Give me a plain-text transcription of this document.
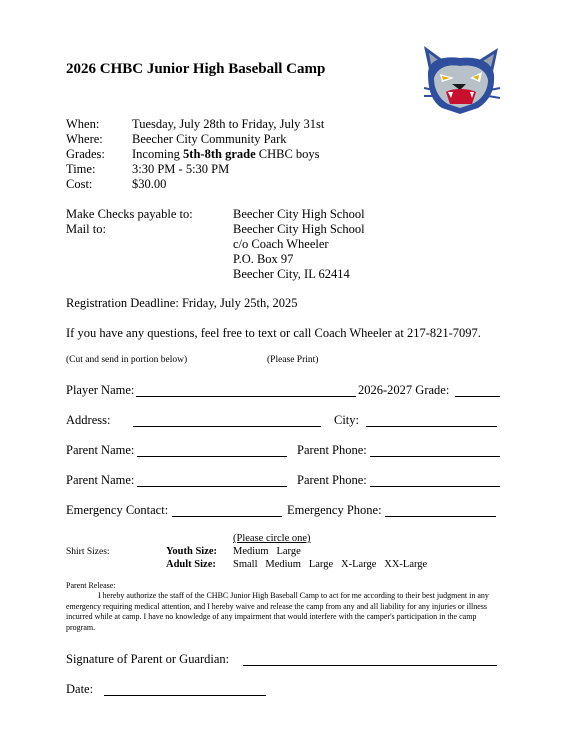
2026 CHBC Junior High Baseball Camp
When:	Tuesday, July 28th to Friday, July 31st
Where: Beecher City Community Park
Grades: Incoming 5th-8th grade CHBC boys
Time:	3:30 PM - 5:30 PM
Cost:	$30.00
Make Checks payable to:	Beecher City High School
Mail to:	Beecher City High School
c/o Coach Wheeler
P.O. Box 97
Beecher City, IL 62414
Registration Deadline: Friday, July 25th, 2025
If you have any questions, feel free to text or call Coach Wheeler at 217-821-7097.
(Cut and send in portion below)	(Please Print)
Player Name:	2026-2027 Grade:
Address:	City:
Parent Name:	Parent Phone:
Parent Name:	Parent Phone:
Emergency Contact:	Emergency Phone:
(Please circle one)
Shirt Sizes:	Youth Size: Medium   Large
Adult Size: Small   Medium   Large   X-Large   XX-Large
Parent Release:
I hereby authorize the staff of the CHBC Junior High Baseball Camp to act for me according to their best judgment in any emergency requiring medical attention, and I hereby waive and release the camp from any and all liability for any injuries or illness incurred while at camp. I have no knowledge of any impairment that would interfere with the camper's participation in the camp program.
Signature of Parent or Guardian:
Date:
